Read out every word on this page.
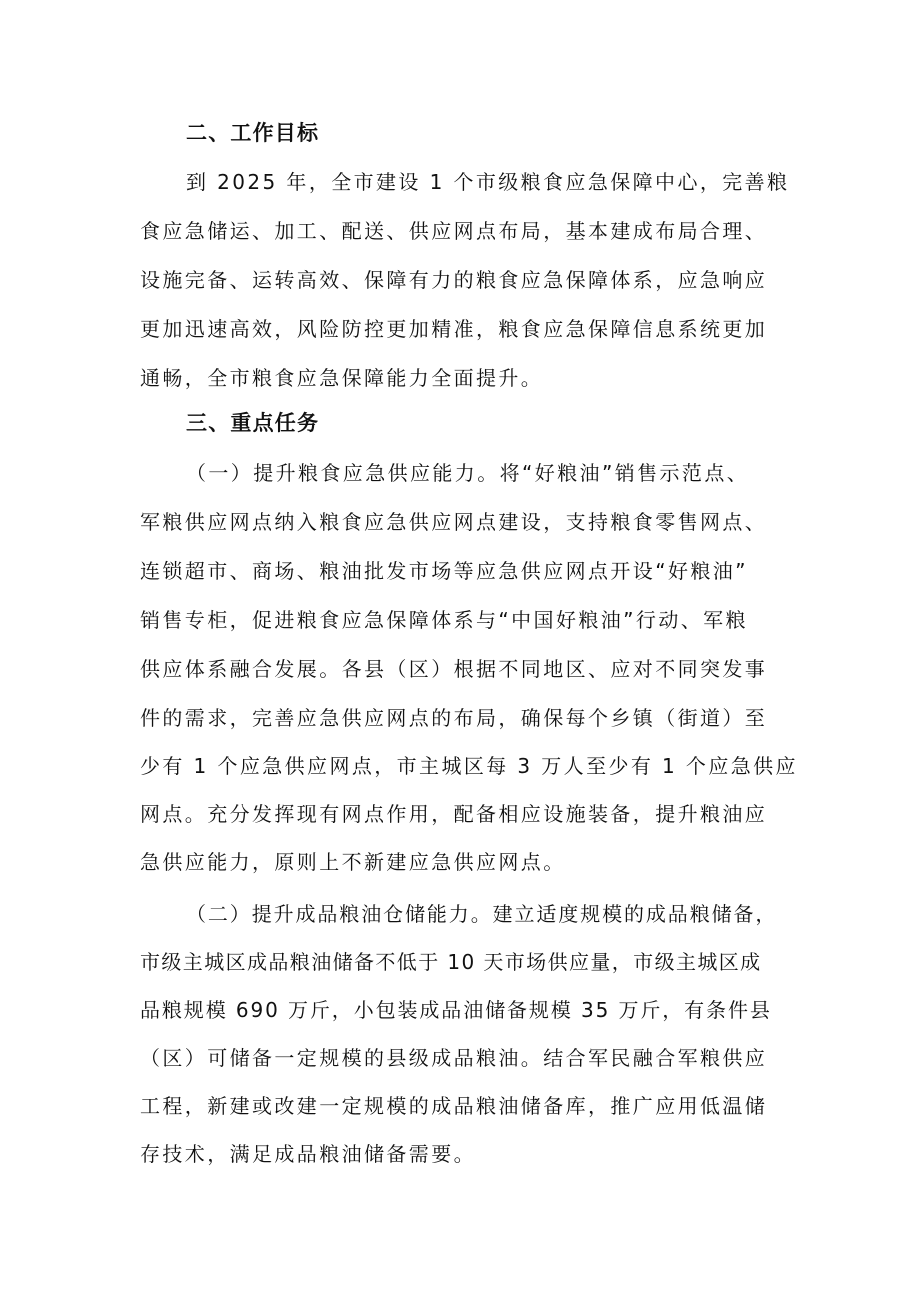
二、工作目标
到 2025 年，全市建设 1 个市级粮食应急保障中心，完善粮
食应急储运、加工、配送、供应网点布局，基本建成布局合理、
设施完备、运转高效、保障有力的粮食应急保障体系，应急响应
更加迅速高效，风险防控更加精准，粮食应急保障信息系统更加
通畅，全市粮食应急保障能力全面提升。
三、重点任务
（一）提升粮食应急供应能力。将“好粮油”销售示范点、
军粮供应网点纳入粮食应急供应网点建设，支持粮食零售网点、
连锁超市、商场、粮油批发市场等应急供应网点开设“好粮油”
销售专柜，促进粮食应急保障体系与“中国好粮油”行动、军粮
供应体系融合发展。各县（区）根据不同地区、应对不同突发事
件的需求，完善应急供应网点的布局，确保每个乡镇（街道）至
少有 1 个应急供应网点，市主城区每 3 万人至少有 1 个应急供应
网点。充分发挥现有网点作用，配备相应设施装备，提升粮油应
急供应能力，原则上不新建应急供应网点。
（二）提升成品粮油仓储能力。建立适度规模的成品粮储备，
市级主城区成品粮油储备不低于 10 天市场供应量，市级主城区成
品粮规模 690 万斤，小包装成品油储备规模 35 万斤，有条件县
（区）可储备一定规模的县级成品粮油。结合军民融合军粮供应
工程，新建或改建一定规模的成品粮油储备库，推广应用低温储
存技术，满足成品粮油储备需要。
